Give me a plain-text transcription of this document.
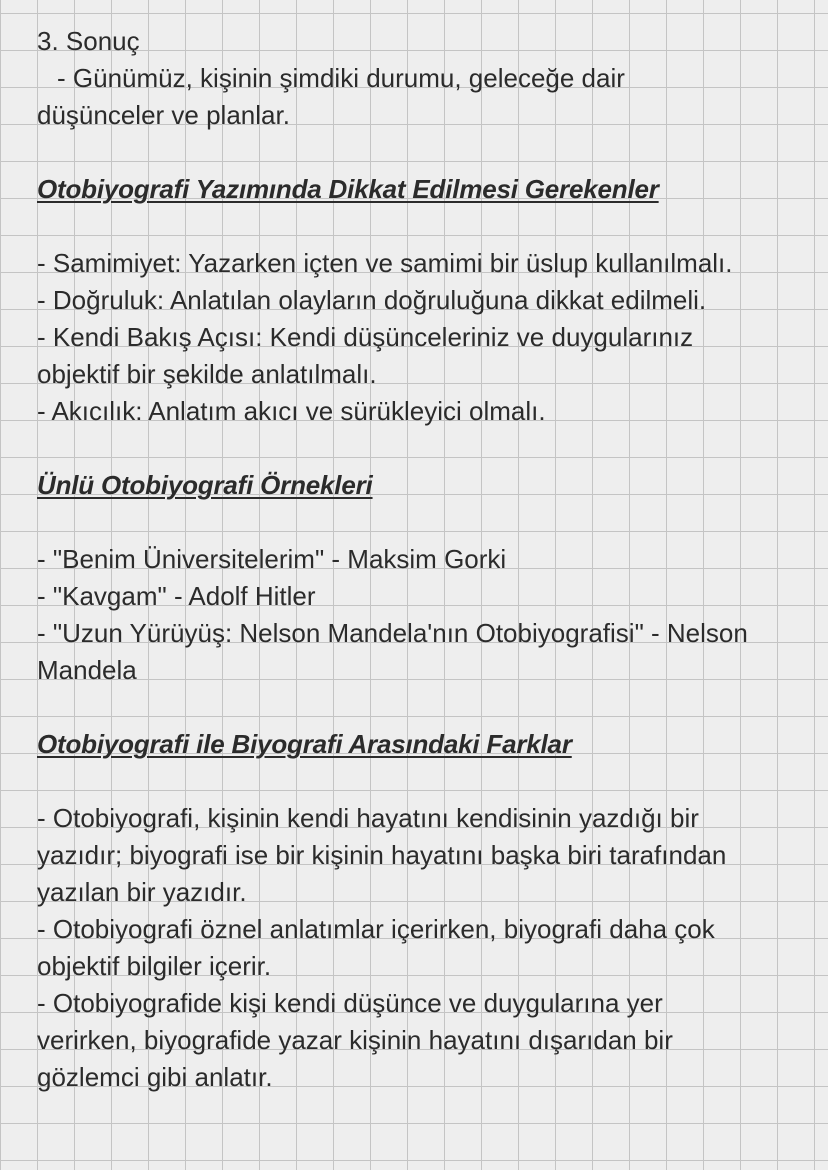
3. Sonuç
- Günümüz, kişinin şimdiki durumu, geleceğe dair
düşünceler ve planlar.
Otobiyografi Yazımında Dikkat Edilmesi Gerekenler
- Samimiyet: Yazarken içten ve samimi bir üslup kullanılmalı.
- Doğruluk: Anlatılan olayların doğruluğuna dikkat edilmeli.
- Kendi Bakış Açısı: Kendi düşünceleriniz ve duygularınız
objektif bir şekilde anlatılmalı.
- Akıcılık: Anlatım akıcı ve sürükleyici olmalı.
Ünlü Otobiyografi Örnekleri
- "Benim Üniversitelerim" - Maksim Gorki
- "Kavgam" - Adolf Hitler
- "Uzun Yürüyüş: Nelson Mandela'nın Otobiyografisi" - Nelson
Mandela
Otobiyografi ile Biyografi Arasındaki Farklar
- Otobiyografi, kişinin kendi hayatını kendisinin yazdığı bir
yazıdır; biyografi ise bir kişinin hayatını başka biri tarafından
yazılan bir yazıdır.
- Otobiyografi öznel anlatımlar içerirken, biyografi daha çok
objektif bilgiler içerir.
- Otobiyografide kişi kendi düşünce ve duygularına yer
verirken, biyografide yazar kişinin hayatını dışarıdan bir
gözlemci gibi anlatır.
